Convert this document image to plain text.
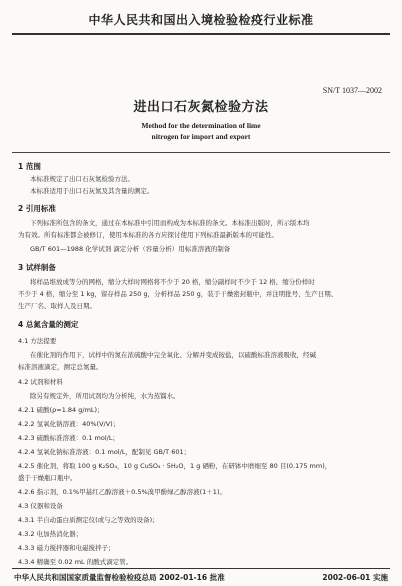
中华人民共和国出入境检验检疫行业标准
SN/T 1037—2002
进出口石灰氮检验方法
Method for the determination of lime
nitrogen for import and export
1 范围
本标准规定了出口石灰氮检验方法。
本标准适用于出口石灰氮及其含量的测定。
2 引用标准
下列标准所包含的条文，通过在本标准中引用而构成为本标准的条文。本标准出版时，所示版本均
为有效。所有标准都会被修订，使用本标准的各方应探讨使用下列标准最新版本的可能性。
GB/T 601—1988 化学试剂 滴定分析（容量分析）用标准溶液的制备
3 试样制备
将样品堆放成等分的网格，缩分大样时网格将不少于 20 格，缩分副样时不少于 12 格，缩分份样时
不少于 4 格，缩分至 1 kg，留存样品 250 g，分析样品 250 g，装于干燥密封瓶中，并注明批号、生产日期、
生产厂名、取样人及日期。
4 总氮含量的测定
4.1 方法提要
在催化剂的作用下，试样中的氮在浓硫酸中完全氧化、分解并变成铵盐，以硫酸标准溶液吸收，经碱
标准溶液滴定，测定总氮量。
4.2 试剂和材料
除另有规定外，所用试剂均为分析纯，水为蒸馏水。
4.2.1 硫酸(ρ=1.84 g/mL)；
4.2.2 氢氧化钠溶液：40%(V/V)；
4.2.3 硫酸标准溶液：0.1 mol/L；
4.2.4 氢氧化钠标准溶液：0.1 mol/L，配制见 GB/T 601；
4.2.5 催化剂，将取 100 g K₂SO₄，10 g CuSO₄ · 5H₂O，1 g 硒粉，在研钵中磨细至 80 目(0.175 mm)，
盛于干燥瓶口瓶中。
4.2.6 指示剂，0.1%甲基红乙醇溶液＋0.5%溴甲酚绿乙醇溶液(1＋1)。
4.3 仪器和设备
4.3.1 半自动蛋白质测定仪(或与之等效的设备)；
4.3.2 电加热消化器；
4.3.3 磁力搅拌器和电磁搅拌子；
4.3.4 精确至 0.02 mL 的酸式滴定管。
中华人民共和国国家质量监督检验检疫总局 2002-01-16 批准	2002-06-01 实施
